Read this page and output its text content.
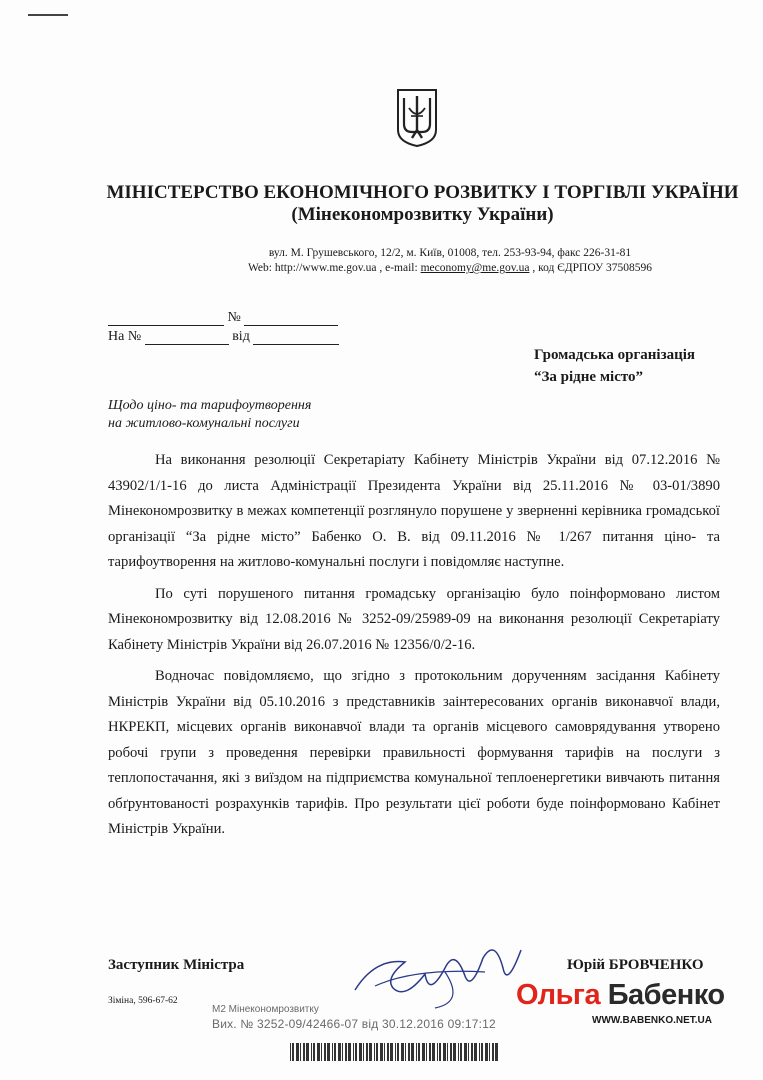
МІНІСТЕРСТВО ЕКОНОМІЧНОГО РОЗВИТКУ І ТОРГІВЛІ УКРАЇНИ
(Мінекономрозвитку України)
вул. М. Грушевського, 12/2, м. Київ, 01008, тел. 253-93-94, факс 226-31-81
Web: http://www.me.gov.ua , e-mail: meconomy@me.gov.ua , код ЄДРПОУ 37508596
№
На №	від
Громадська організація
“За рідне місто”
Щодо ціно- та тарифоутворення
на житлово-комунальні послуги

На виконання резолюції Секретаріату Кабінету Міністрів України від 07.12.2016 № 43902/1/1-16 до листа Адміністрації Президента України від 25.11.2016 № 03-01/3890 Мінекономрозвитку в межах компетенції розглянуло порушене у зверненні керівника громадської організації “За рідне місто” Бабенко О. В. від 09.11.2016 № 1/267 питання ціно- та тарифоутворення на житлово-комунальні послуги і повідомляє наступне.

По суті порушеного питання громадську організацію було поінформовано листом Мінекономрозвитку від 12.08.2016 № 3252-09/25989-09 на виконання резолюції Секретаріату Кабінету Міністрів України від 26.07.2016 № 12356/0/2-16.

Водночас повідомляємо, що згідно з протокольним дорученням засідання Кабінету Міністрів України від 05.10.2016 з представників заінтересованих органів виконавчої влади, НКРЕКП, місцевих органів виконавчої влади та органів місцевого самоврядування утворено робочі групи з проведення перевірки правильності формування тарифів на послуги з теплопостачання, які з виїздом на підприємства комунальної теплоенергетики вивчають питання обґрунтованості розрахунків тарифів. Про результати цієї роботи буде поінформовано Кабінет Міністрів України.

Заступник Міністра	Юрій БРОВЧЕНКО
Ольга Бабенко
WWW.BABENKO.NET.UA
Зіміна, 596-67-62
М2 Мінекономрозвитку
Вих. № 3252-09/42466-07 від 30.12.2016 09:17:12
